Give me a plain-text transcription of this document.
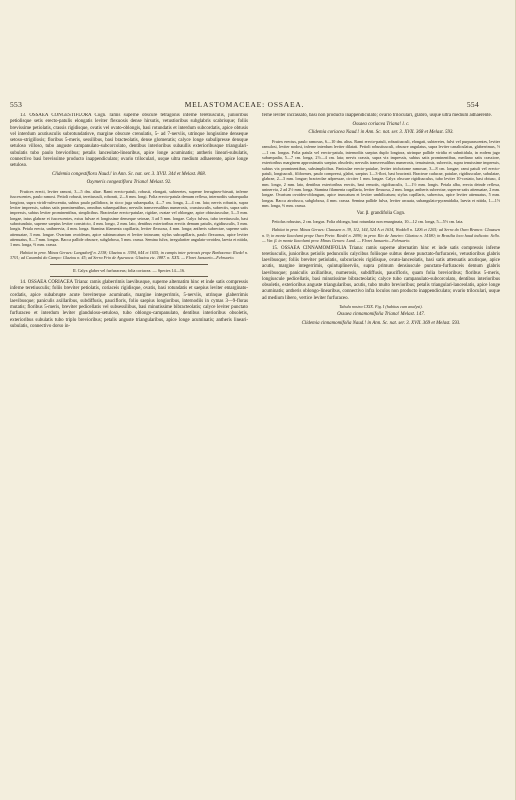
553	MELASTOMACEAE: OSSAEA.	554

13. OSSAEA CONGESTIFLORA Cogn. ramis superne obscure tetragonis inferne teretiusculis, junioribus petiolisque setis erecto-patulis elongatis leviter flexuosis dense hirsutis, vetustioribus subglabris scabrisque; foliis brevissime petiolatis, crassis rigidisque, ovatis vel ovato-oblongis, basi rotundatis et interdum subcordatis, apice obtusis vel interdum acutiusculis subrotundatisve, margine obscure crenulatis, 5- ad 7-nerviis, utrinque longissime denseque setoso-strigillosis; floribus 5-meris, sessilibus, basi bracteolatis, dense glomeratis; calyce longe subulipresse densque setuloso villoso, tubo anguste campanulato-subcorcolato, dentibus interioribus subaullis exterioribusque triangulari-subulatis tubo paulo brevioribus; petalis lanceolato-linearibus, apice longe acuminatis; antheris lineari-subulatis, connectivo basi brevissime producto inappendiculato; ovario triloculari, usque ultra medium adhaerente, apice longe setuloso.

Clidemia congestiflora Naud.! in Ann. Sc. nat. ser. 3. XVII. 344 et Melast. 868.

Oxymeris congestiflora Triana! Melast. 92.

Frutices erecti, leviter ramosi, 3—5 dm. altae. Rami erecto-patuli, robusti, elongati, subteretes, superne ferrugineo-hirsuti, inferne fuscescentes, paulo ramosi. Petioli robusti, teretiusculi, roborati, 2—6 mm. longi. Folia erecto-patula demum reflexa, internodiis subaequalia longiora, supra viridi-rufescentia, subtus paulo pallidiora, in sicco juga subaequalia, 4—7 cm. longa, 2—4 cm. lata; nervis robustis, supra leviter impressis, subtus satis prominentibus, omnibus subaequalibus; nervulis transversalibus numerosis, crassiusculis, subrectis, supra satis impressis, subtus leviter prominentibus, simplicibus. Bracteolae erecto-patulae, rigidae, ovatae vel oblongae, apice obtusiusculae, 3—5 mm. longae, intus glabrae et fuscescentes, extus fulvae et longissime denseque setosae, 3 ad 5 mm. longae. Calyx fulvus, tubo teretiusculo, basi subrotundato, superne saepius leviter constricto, 4 mm. longo, 2 mm. lato, dentibus exterioribus erectis demum patulis, rigidiusculis, 3 mm. longis. Petala erecta, unibnervia, 4 mm. longa. Stamina filamenta capillaria, leviter flexuosa, 4 mm. longa; antheris subrectae, superne satis attenuatae, 3 mm. longae. Ovarium ovoideum, apice subtruncatum et leviter intrusum; stylus subcapillaris, paulo flexuosus, apice leviter attenuatus, 8—7 mm. longus. Bacca pallide obscure, subglobosa, 5 mm. crassa. Semina fulva, irregulariter angulato-ovoidea, laevia et nitida, 1 mm. longa, ⅔ mm. crassa.

Habitat in prov. Minas Geraes: Langsdorff n. 2138; Glaziou n. 3394, 644 et 1655; in campis inter petrosis prope Barbacena: Riedel n. 3701; ad Caxambú do Campo: Glaziou n. 45; ad Serra Frio de Ayuruoca: Glaziou etc. 1887. n. XXX. — Floret Januario—Februario.

II. Calyx glaber vel furfuraceus; folia coriacea. — Species 14—16.

14. OSSAEA CORIACEA Triana: ramis glaberrimis laevibusque, superne alternatim hinc et inde satis compressis inferne teretiusculis; foliis breviter petiolatis, coriaceis rigidisque, ovatis, basi rotundatis et saepius leviter emarginato-cordatis, apice subabrupte acute breviterque acuminatis, margine integerrimis, 5-nerviis, utrinque glaberrimis laevibusque; paniculis axillaribus, subdiffusis, paucifloris, folio saepius longioribus, internodiis in cymas 3—9-floras mutatis; floribus 5-meris, breviter pedicellatis vel subsessilibus, basi minutissime bibracteolatis; calyce leviter punctato furfuraceo et interdum leviter glanduloso-setuloso, tubo oblongo-campanulato, dentibus interioribus obsoletis, exterioribus subulatis tubo triplo brevioribus; petalis anguste triangularibus, apice longe acuminatis; antheris lineari-subulatis, connectivo dorso in-

ferne leviter incrassato, basi non producto inappendiculato; ovario triloculari, glabro, usque ultra medium adhaerente.

Ossaea coriacea Triana! l. c.

Clidemia coriacea Naud.! in Ann. Sc. nat. ser. 3. XVII. 368 et Melast. 593.

Frutex erectus, paulo ramosus, 6—10 dm. altus. Rami erecto-patuli, robustiusculi, elongati, subteretes, fulvi vel purpurascentes, leviter ramulosi, leviter nodosi, inferne interdum leviter dilatati. Petioli robustiusculi, obscure angulatus, supra leviter canaliculatus, glaberrimus, ½—1 cm. longus. Folia patula vel erecto-patula, internodiis saepius duplo longiora, utrinque pallide viridia et subnitidula, in eodem jugo subaequalia, 5—7 cm. longa, 2½—4 cm. lata; nervis crassis, supra vix impressis, subtus satis prominentibus, mediano satis crassiore, exterioribus marginem approximatis saepius obsoletis; nervulis transversalibus numerosis, tenuissimis, subrectis, supra tenuissime impressis, subtus vix prominentibus, subsimplicibus. Paniculae erecto-patulae, leviter trichotome ramosae, 3—8 cm. longae; rami patuli vel erecto-patuli, longiusculi, filiformes, paulo compressi, glabri, saepius 1—3-flori, basi bracteati. Bracteae caducae, patulae, rigidiusculae, subulatae, glabrae, 2—3 mm. longae; bracteolae adpressae, circiter 1 mm. longae. Calyx obscure rigidiusculus, tubo leviter 10-costato, basi obtuso, 4 mm. longo, 2 mm. lato, dentibus exterioribus erectis, basi remotis, rigidiusculis, 1—1½ mm. longis. Petala alba, erecta deinde reflexa, uninervia, 2 ad 2½ mm. longa. Stamina filamenta capillaria, leviter flexuosa, 2 mm. longa; antheris subrectae, superne satis attenuatae, 2 mm. longae. Ovarium ovoideo-oblongum, apice truncatum et leviter umbilicatum; stylus capillaris, subrectus, apice leviter attenuatus, 5 mm. longus. Bacca atrofusca, subglobosa, 4 mm. crassa. Semina pallide fulva, leviter arcuata, subangulato-pyramidalia, laevia et nitida, 1—1½ mm. longa, ⅔ mm. crassa.

Var. β. grandifolia Cogn.

Petiolus robustus, 2 cm. longus. Folia oblonga, basi rotundata non emarginata, 10—12 cm. longa, 5—5½ cm. lata.

Habitat in prov. Minas Geraes: Claussen n. 39, 112, 144, 524 A et 1634, Weddell n. 1206 et 1205; ad Serra do Ouro Branco: Claussen n. 9; in monte Itacolumi prope Ouro Preto: Riedel n. 2090; in prov. Rio de Janeiro: Glaziou n. 14180; in Brasilia loco haud indicato: Sello. — Var. β. in monte Itacolumi prov. Minas Geraes: Lund. — Floret Januario—Februario.

15. OSSAEA CINNAMOMIFOLIA Triana: ramis superne alternatim hinc et inde satis compressis inferne teretiusculis, junioribus petiolis pedunculis calycibus foliisque subtus dense punctato-furfuraceis, vetustioribus glabris laevibusque; foliis breviter petiolatis, subcoriaceis rigidisque, ovato-lanceolatis, basi satis attenuatis acutisque, apice acutis, margine integerrimis, quintuplinerviis, supra primum densiuscule punctato-furfuraceis demum glabris laevibusque; paniculis axillaribus, numerosis, subdiffusis, paucifloris, quam folia brevioribus; floribus 5-meris, longiuscule pedicellatis, basi minutissime bibracteolatis; calyce tubo campanulato-subcorcolato, dentibus interioribus obsoletis, exterioribus anguste triangularibus, acutis, tubo multo brevioribus; petalis triangulari-lanceolatis, apice longe acuminatis; antheris oblongo-linearibus, connectivo infra loculos non producto inappendiculato; ovario triloculari, usque ad medium libero, vertice leviter furfuraceo.

Tabula nostra CXIX. Fig. I (habitus cum analysi).

Ossaea cinnamomifolia Triana! Melast. 147.

Clidemia cinnamomifolia Naud.! in Ann. Sc. nat. ser. 3. XVII. 369 et Melast. 593.
